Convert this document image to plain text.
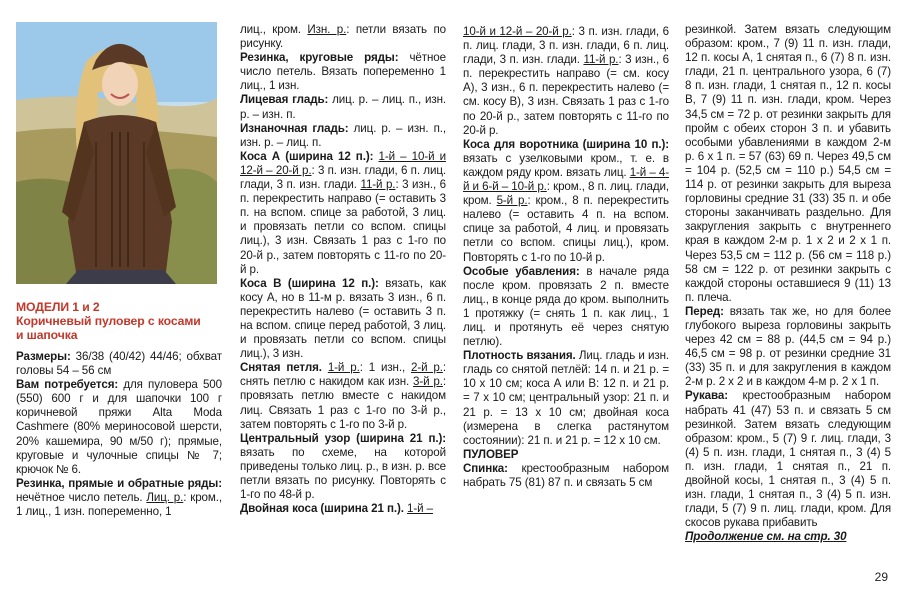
МОДЕЛИ 1 и 2
Коричневый пуловер с косами
и шапочка

Размеры: 36/38 (40/42) 44/46; обхват головы 54 – 56 см

Вам потребуется: для пуловера 500 (550) 600 г и для шапочки 100 г коричневой пряжи Alta Moda Cashmere (80% мериносовой шерсти, 20% кашемира, 90 м/50 г); прямые, круговые и чулочные спицы № 7; крючок № 6.

Резинка, прямые и обратные ряды: нечётное число петель. Лиц. р.: кром., 1 лиц., 1 изн. попеременно, 1

лиц., кром. Изн. р.: петли вязать по рисунку.

Резинка, круговые ряды: чётное число петель. Вязать попеременно 1 лиц., 1 изн.

Лицевая гладь: лиц. р. – лиц. п., изн. р. – изн. п.

Изнаночная гладь: лиц. р. – изн. п., изн. р. – лиц. п.

Коса А (ширина 12 п.): 1-й – 10-й и 12-й – 20-й р.: 3 п. изн. глади, 6 п. лиц. глади, 3 п. изн. глади. 11-й р.: 3 изн., 6 п. перекрестить направо (= оставить 3 п. на вспом. спице за работой, 3 лиц. и провязать петли со вспом. спицы лиц.), 3 изн. Связать 1 раз с 1-го по 20-й р., затем повторять с 11-го по 20-й р.

Коса В (ширина 12 п.): вязать, как косу А, но в 11-м р. вязать 3 изн., 6 п. перекрестить налево (= оставить 3 п. на вспом. спице перед работой, 3 лиц. и провязать петли со вспом. спицы лиц.), 3 изн.

Снятая петля. 1-й р.: 1 изн., 2-й р.: снять петлю с накидом как изн. 3-й р.: провязать петлю вместе с накидом лиц. Связать 1 раз с 1-го по 3-й р., затем повторять с 1-го по 3-й р.

Центральный узор (ширина 21 п.): вязать по схеме, на которой приведены только лиц. р., в изн. р. все петли вязать по рисунку. Повторять с 1-го по 48-й р.

Двойная коса (ширина 21 п.). 1-й –

10-й и 12-й – 20-й р.: 3 п. изн. глади, 6 п. лиц. глади, 3 п. изн. глади, 6 п. лиц. глади, 3 п. изн. глади. 11-й р.: 3 изн., 6 п. перекрестить направо (= см. косу А), 3 изн., 6 п. перекрестить налево (= см. косу В), 3 изн. Связать 1 раз с 1-го по 20-й р., затем повторять с 11-го по 20-й р.

Коса для воротника (ширина 10 п.): вязать с узелковыми кром., т. е. в каждом ряду кром. вязать лиц. 1-й – 4-й и 6-й – 10-й р.: кром., 8 п. лиц. глади, кром. 5-й р.: кром., 8 п. перекрестить налево (= оставить 4 п. на вспом. спице за работой, 4 лиц. и провязать петли со вспом. спицы лиц.), кром. Повторять с 1-го по 10-й р.

Особые убавления: в начале ряда после кром. провязать 2 п. вместе лиц., в конце ряда до кром. выполнить 1 протяжку (= снять 1 п. как лиц., 1 лиц. и протянуть её через снятую петлю).

Плотность вязания. Лиц. гладь и изн. гладь со снятой петлёй: 14 п. и 21 р. = 10 х 10 см; коса А или В: 12 п. и 21 р. = 7 х 10 см; центральный узор: 21 п. и 21 р. = 13 х 10 см; двойная коса (измерена в слегка растянутом состоянии): 21 п. и 21 р. = 12 х 10 см.

ПУЛОВЕР

Спинка: крестообразным набором набрать 75 (81) 87 п. и связать 5 см

резинкой. Затем вязать следующим образом: кром., 7 (9) 11 п. изн. глади, 12 п. косы А, 1 снятая п., 6 (7) 8 п. изн. глади, 21 п. центрального узора, 6 (7) 8 п. изн. глади, 1 снятая п., 12 п. косы В, 7 (9) 11 п. изн. глади, кром. Через 34,5 см = 72 р. от резинки закрыть для пройм с обеих сторон 3 п. и убавить особыми убавлениями в каждом 2-м р. 6 х 1 п. = 57 (63) 69 п. Через 49,5 см = 104 р. (52,5 см = 110 р.) 54,5 см = 114 р. от резинки закрыть для выреза горловины средние 31 (33) 35 п. и обе стороны заканчивать раздельно. Для закругления закрыть с внутреннего края в каждом 2-м р. 1 х 2 и 2 х 1 п. Через 53,5 см = 112 р. (56 см = 118 р.) 58 см = 122 р. от резинки закрыть с каждой стороны оставшиеся 9 (11) 13 п. плеча.

Перед: вязать так же, но для более глубокого выреза горловины закрыть через 42 см = 88 р. (44,5 см = 94 р.) 46,5 см = 98 р. от резинки средние 31 (33) 35 п. и для закругления в каждом 2-м р. 2 х 2 и в каждом 4-м р. 2 х 1 п.

Рукава: крестообразным набором набрать 41 (47) 53 п. и связать 5 см резинкой. Затем вязать следующим образом: кром., 5 (7) 9 г. лиц. глади, 3 (4) 5 п. изн. глади, 1 снятая п., 3 (4) 5 п. изн. глади, 1 снятая п., 21 п. двойной косы, 1 снятая п., 3 (4) 5 п. изн. глади, 1 снятая п., 3 (4) 5 п. изн. глади, 5 (7) 9 п. лиц. глади, кром. Для скосов рукава прибавить

Продолжение см. на стр. 30

29
